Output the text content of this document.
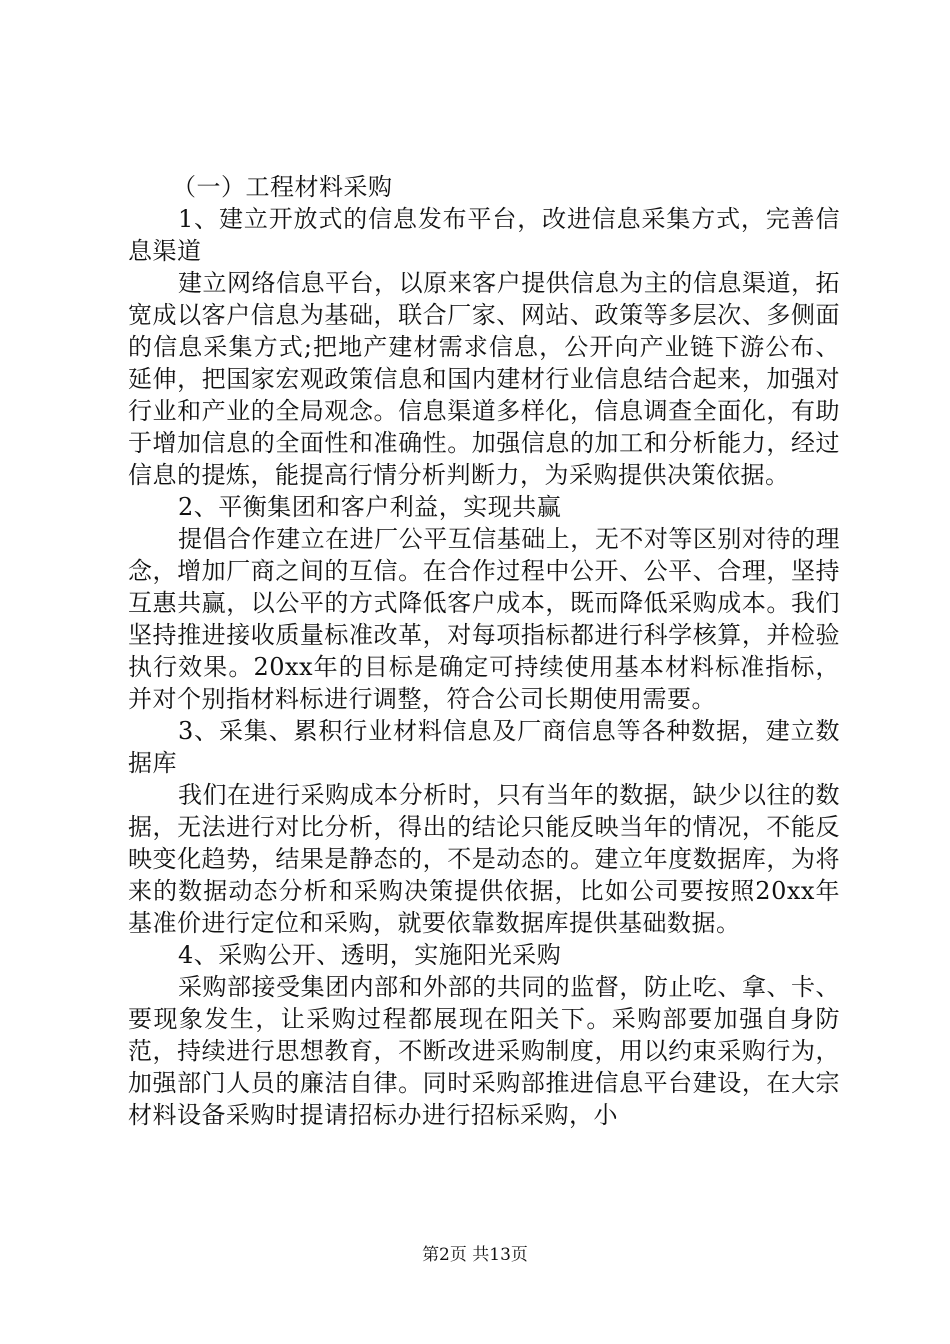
（一）工程材料采购

1、建立开放式的信息发布平台，改进信息采集方式，完善信息渠道

建立网络信息平台，以原来客户提供信息为主的信息渠道，拓宽成以客户信息为基础，联合厂家、网站、政策等多层次、多侧面的信息采集方式;把地产建材需求信息，公开向产业链下游公布、延伸，把国家宏观政策信息和国内建材行业信息结合起来，加强对行业和产业的全局观念。信息渠道多样化，信息调查全面化，有助于增加信息的全面性和准确性。加强信息的加工和分析能力，经过信息的提炼，能提高行情分析判断力，为采购提供决策依据。

2、平衡集团和客户利益，实现共赢

提倡合作建立在进厂公平互信基础上，无不对等区别对待的理念，增加厂商之间的互信。在合作过程中公开、公平、合理，坚持互惠共赢，以公平的方式降低客户成本，既而降低采购成本。我们坚持推进接收质量标准改革，对每项指标都进行科学核算，并检验执行效果。20xx年的目标是确定可持续使用基本材料标准指标，并对个别指材料标进行调整，符合公司长期使用需要。

3、采集、累积行业材料信息及厂商信息等各种数据，建立数据库

我们在进行采购成本分析时，只有当年的数据，缺少以往的数据，无法进行对比分析，得出的结论只能反映当年的情况，不能反映变化趋势，结果是静态的，不是动态的。建立年度数据库，为将来的数据动态分析和采购决策提供依据，比如公司要按照20xx年基准价进行定位和采购，就要依靠数据库提供基础数据。

4、采购公开、透明，实施阳光采购

采购部接受集团内部和外部的共同的监督，防止吃、拿、卡、要现象发生，让采购过程都展现在阳关下。采购部要加强自身防范，持续进行思想教育，不断改进采购制度，用以约束采购行为，加强部门人员的廉洁自律。同时采购部推进信息平台建设，在大宗材料设备采购时提请招标办进行招标采购，小

第2页 共13页
